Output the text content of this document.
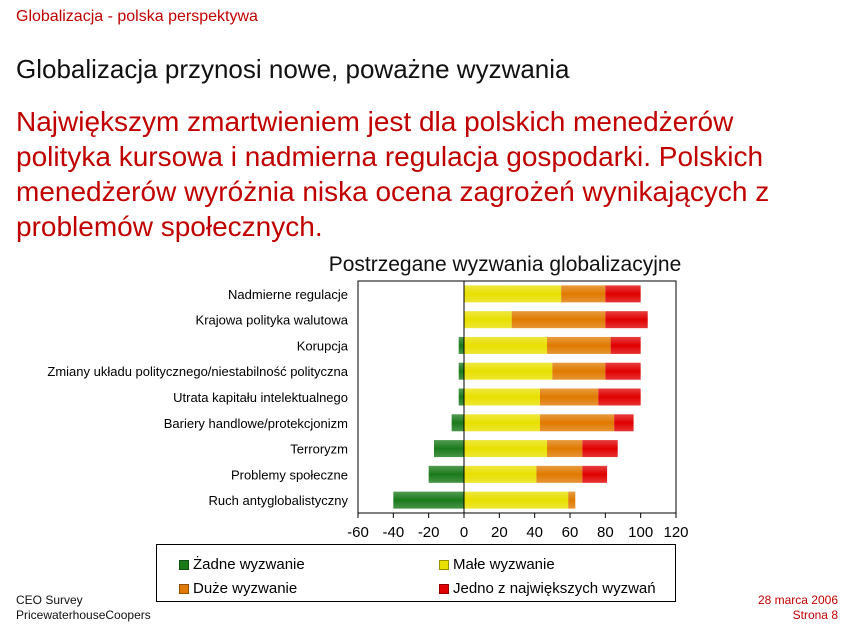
Globalizacja - polska perspektywa
Globalizacja przynosi nowe, poważne wyzwania
Największym zmartwieniem jest dla polskich menedżerów polityka kursowa i nadmierna regulacja gospodarki. Polskich menedżerów wyróżnia niska ocena zagrożeń wynikających z problemów społecznych.
Postrzegane wyzwania globalizacyjne
Nadmierne regulacje
Krajowa polityka walutowa
Korupcja
Zmiany układu politycznego/niestabilność polityczna
Utrata kapitału intelektualnego
Bariery handlowe/protekcjonizm
Terroryzm
Problemy społeczne
Ruch antyglobalistyczny
-60 -40 -20 0 20 40 60 80 100 120
Żadne wyzwanie	Małe wyzwanie
Duże wyzwanie	Jedno z największych wyzwań
CEO Survey
PricewaterhouseCoopers
28 marca 2006
Strona 8
